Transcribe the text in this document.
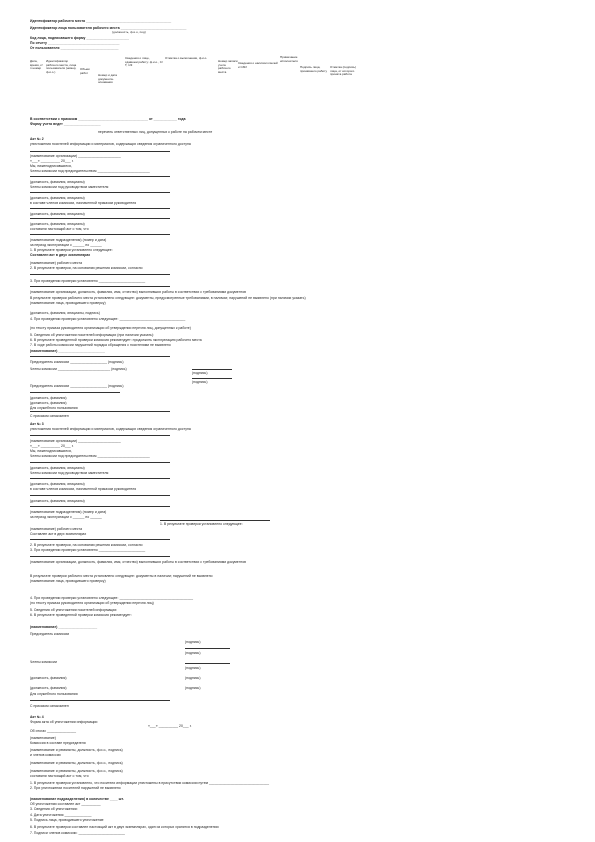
Идентификатор рабочего места ____________________________________________
Идентификатор лица пользователя рабочего места __________________________________
(должность, ф.и.о, под)
Код лица, подписавшего форму ______________________
По отчету _____________________________________
От пользователя ______________________________
Дата, время, с/п номер
Идентификатор рабочего места, лица пользователя (номер, ф.и.о.)
Объем работ
Номер и дата документа-основания
Сведения о лице, сдавшем работу: ф.и.о., С/Т, 1/3
Отметка о выполнении, ф.и.о.
Номер записи учета рабочего места
Сведения о наличии ключей и СЗИ
Примечание исполнителя
Подпись лица, принявшего работу
Отметка (подпись) лица, от которого принята работа
В соответствии с приказом ____________________________________ от ____________ года
Форму учета ведет ___________________
перечень ответственных лиц, допущенных к работе на рабочем месте
Акт № 2
уничтожения носителей информации и материалов, содержащих сведения ограниченного доступа
(наименование организации) ______________________
«___» __________ 20___ г.
Мы, нижеподписавшиеся,
Члены комиссии под председательством ___________________________
(должность, фамилия, инициалы)
Члены комиссии под руководством заместителя
(должность, фамилия, инициалы)
в составе членов комиссии, назначенной приказом руководителя
(должность, фамилия, инициалы)
(должность, фамилия, инициалы)
составили настоящий акт о том, что
(наименование подразделения) (номер и дата)
за период эксплуатации с ______ по ______
1. В результате проверки установлено следующее:
Составлен акт в двух экземплярах
(наименование) рабочего места
2. В результате проверки, на основании решения комиссии, согласно
3. При проведении проверки установлено ________________________
(наименование организации, должность, фамилия, имя, отчество) выполнивших работы в соответствии с требованиями документов
В результате проверки рабочего места установлено следующее: документы, предусмотренные требованиями, в наличии; нарушений не выявлено (при наличии указать)
(наименование лица, проводившего проверку)
(должность, фамилия, инициалы, подпись)
4. При проведении проверки установлено следующее: __________________________________
(по тексту приказа руководителя организации об утверждении перечня лиц, допущенных к работе)
5. Сведения об уничтожении носителей информации (при наличии указать):
6. В результате проведенной проверки комиссия рекомендует: продолжить эксплуатацию рабочего места
7. В ходе работы комиссии нарушений порядка обращения с носителями не выявлено
(наименование) ________________________
Председатель комиссии ___________________ (подпись)
Члены комиссии ___________________________ (подпись)
(подпись)
(подпись)
Председатель комиссии ___________________ (подпись)
(должность, фамилия)
(должность, фамилия)
Для служебного пользования
С приказом ознакомлен
Акт № 3
уничтожения носителей информации и материалов, содержащих сведения ограниченного доступа
(наименование организации) ______________________
«___» __________ 20___ г.
Мы, нижеподписавшиеся,
Члены комиссии под председательством ___________________________
(должность, фамилия, инициалы)
Члены комиссии под руководством заместителя
(должность, фамилия, инициалы)
в составе членов комиссии, назначенной приказом руководителя
(должность, фамилия, инициалы)
(наименование подразделения) (номер и дата)
за период эксплуатации с ______ по ______
1. В результате проверки установлено следующее:
(наименование) рабочего места
Составлен акт в двух экземплярах
2. В результате проверки, на основании решения комиссии, согласно
3. При проведении проверки установлено ________________________
(наименование организации, должность, фамилия, имя, отчество) выполнивших работы в соответствии с требованиями документов
В результате проверки рабочего места установлено следующее: документы в наличии; нарушений не выявлено
(наименование лица, проводившего проверку)
4. При проведении проверки установлено следующее: ______________________________________
(по тексту приказа руководителя организации об утверждении перечня лиц)
5. Сведения об уничтожении носителей информации:
6. В результате проведенной проверки комиссия рекомендует:
(наименование) ____________________
Председатель комиссии
(подпись)
(подпись)
Члены комиссии
(подпись)
(должность, фамилия)	(подпись)
(должность, фамилия)	(подпись)
Для служебного пользования
С приказом ознакомлен
Акт № 4
Форма акта об уничтожении информации
«___» __________ 20___ г.
Об итогах _______________
(наименование)
Комиссия в составе председателя
(наименование и реквизиты, должность, ф.и.о., подпись)
и членов комиссии
(наименование и реквизиты, должность, ф.и.о., подпись)
(наименование и реквизиты, должность, ф.и.о., подпись)
составили настоящий акт о том, что
1. В результате проверки установлено, что носители информации уничтожены в присутствии комиссии путем _______________________________
2. При уничтожении носителей нарушений не выявлено
(наименование подразделения) в количестве ____ шт.
Об уничтожении составлен акт __________
3. Сведения об уничтожении:
4. Дата уничтожения ______________
5. Подпись лица, проводившего уничтожение
6. В результате проверки составлен настоящий акт в двух экземплярах, один из которых хранится в подразделении
7. Подписи членов комиссии: ________________________
